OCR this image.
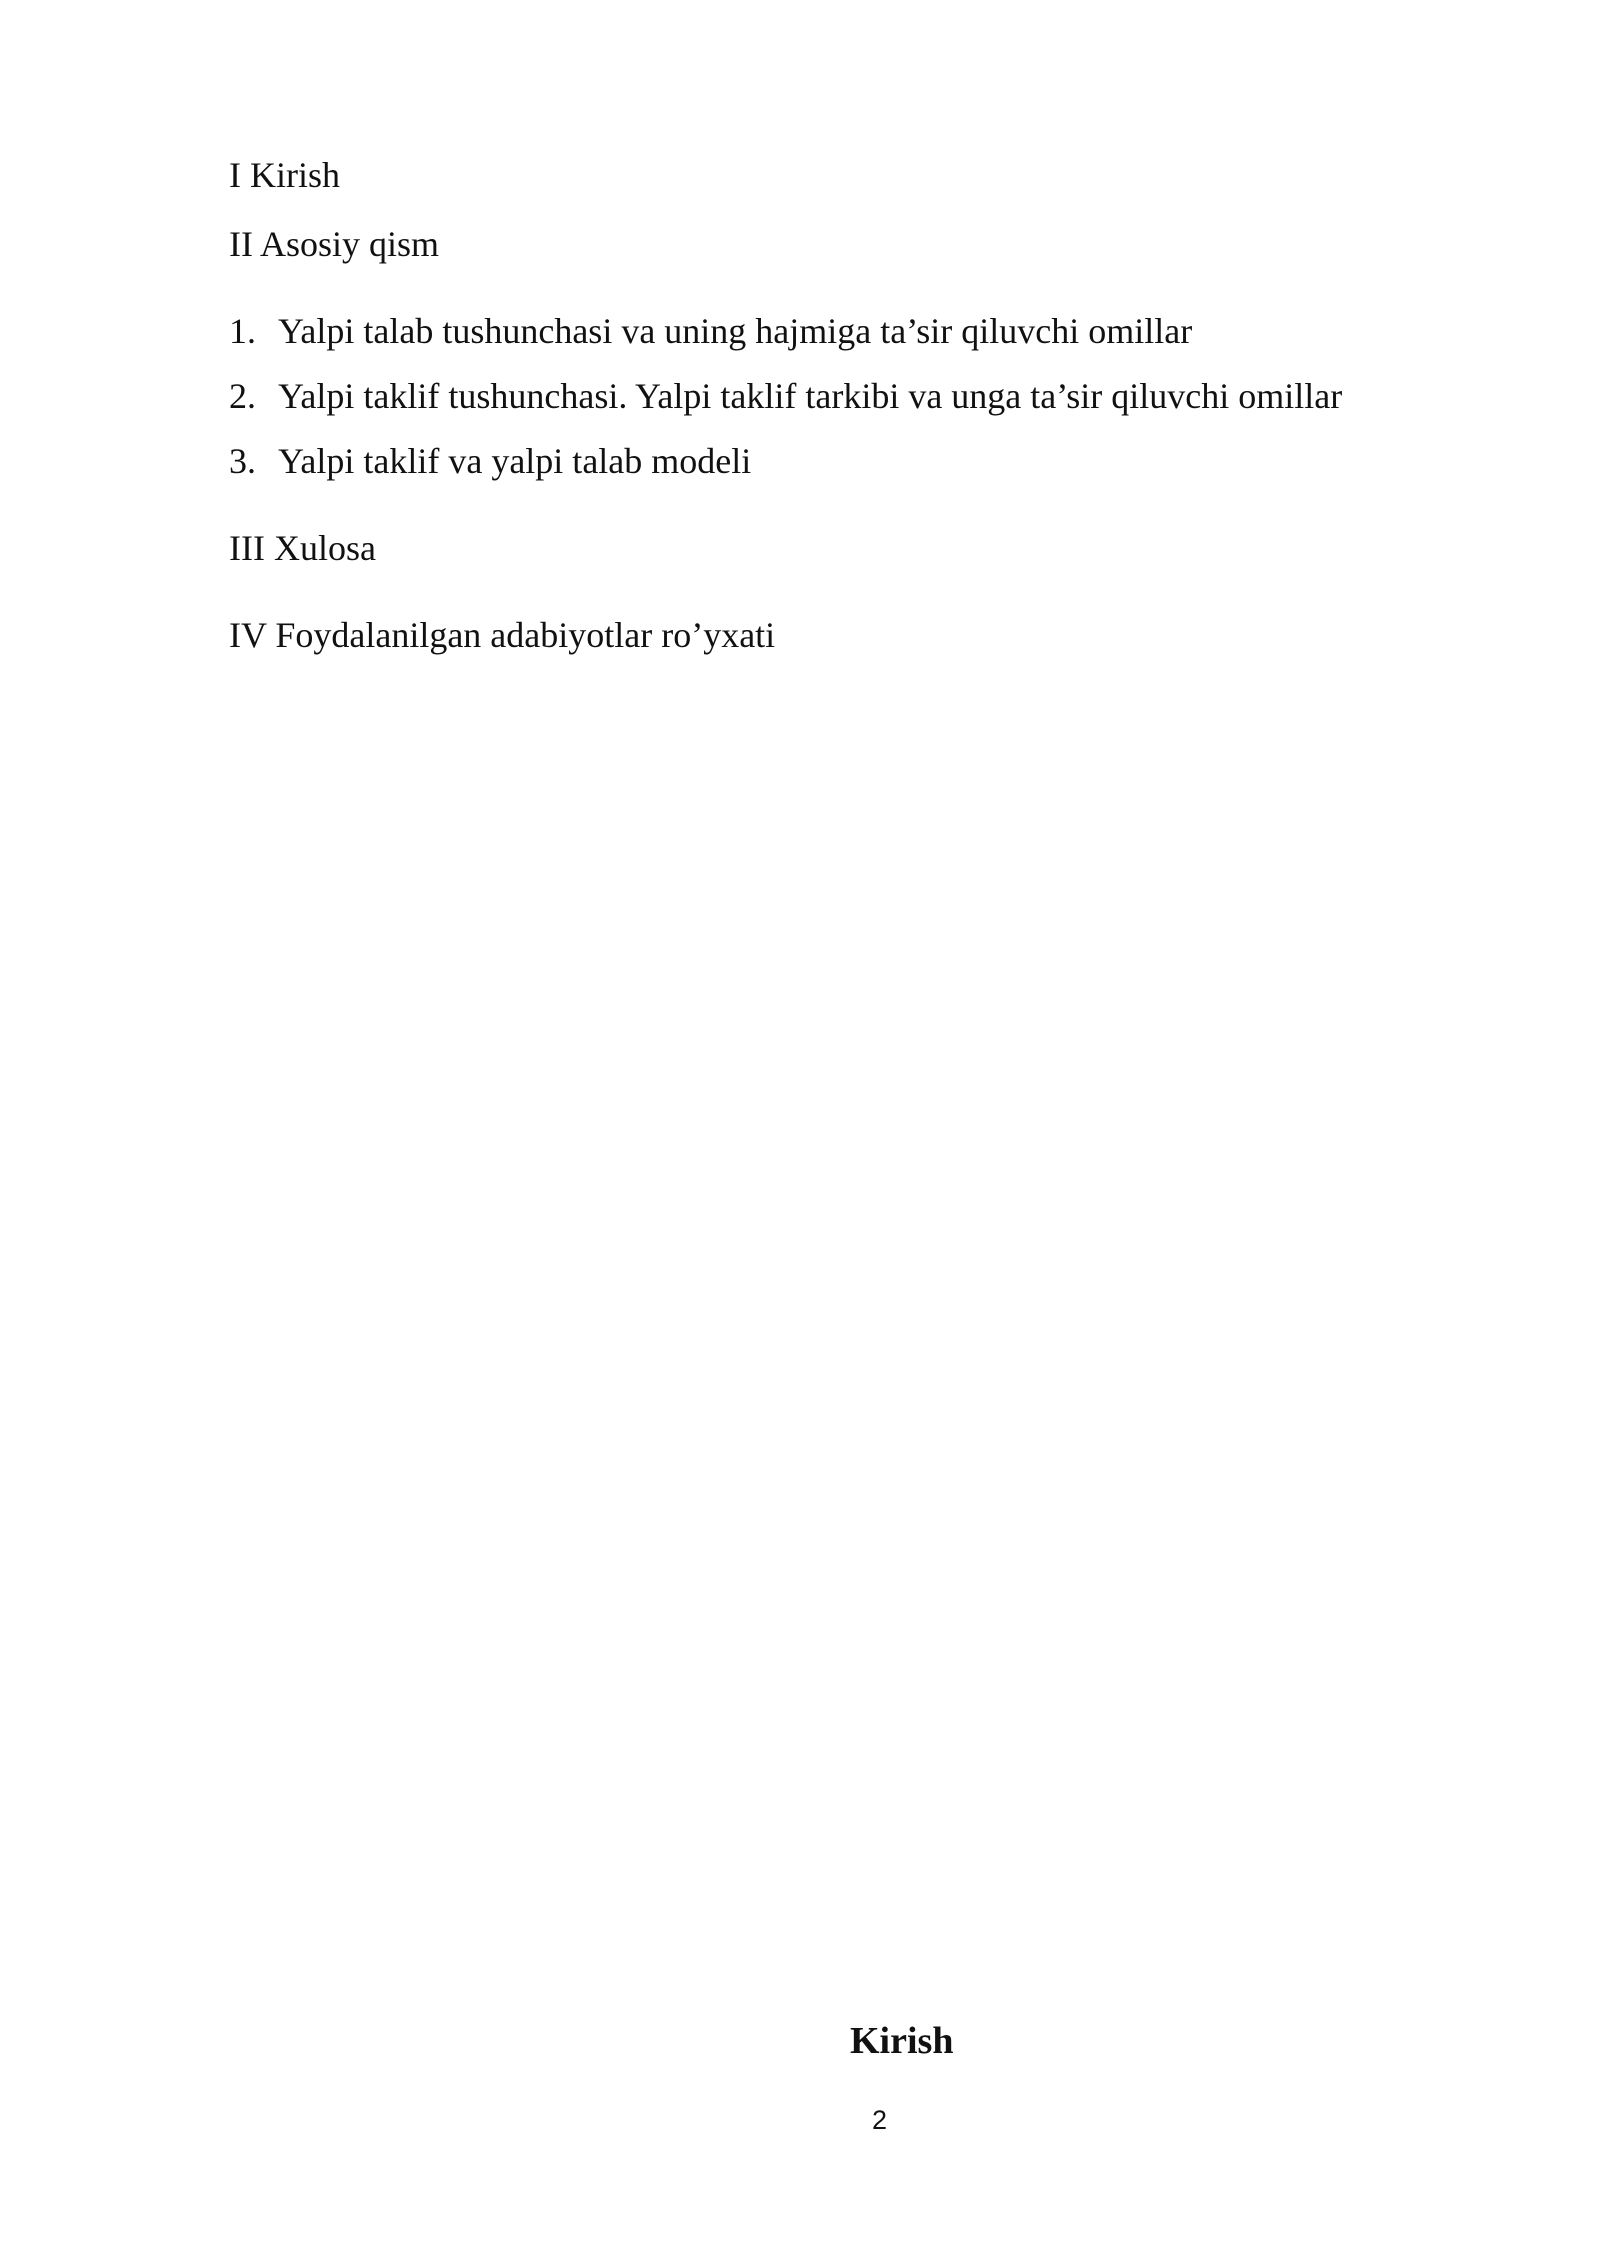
I Kirish
II Asosiy qism
1. Yalpi talab tushunchasi va uning hajmiga ta’sir qiluvchi omillar
2. Yalpi taklif tushunchasi. Yalpi taklif tarkibi va unga ta’sir qiluvchi omillar
3. Yalpi taklif va yalpi talab modeli
III Xulosa
IV Foydalanilgan adabiyotlar ro’yxati
Kirish
2
